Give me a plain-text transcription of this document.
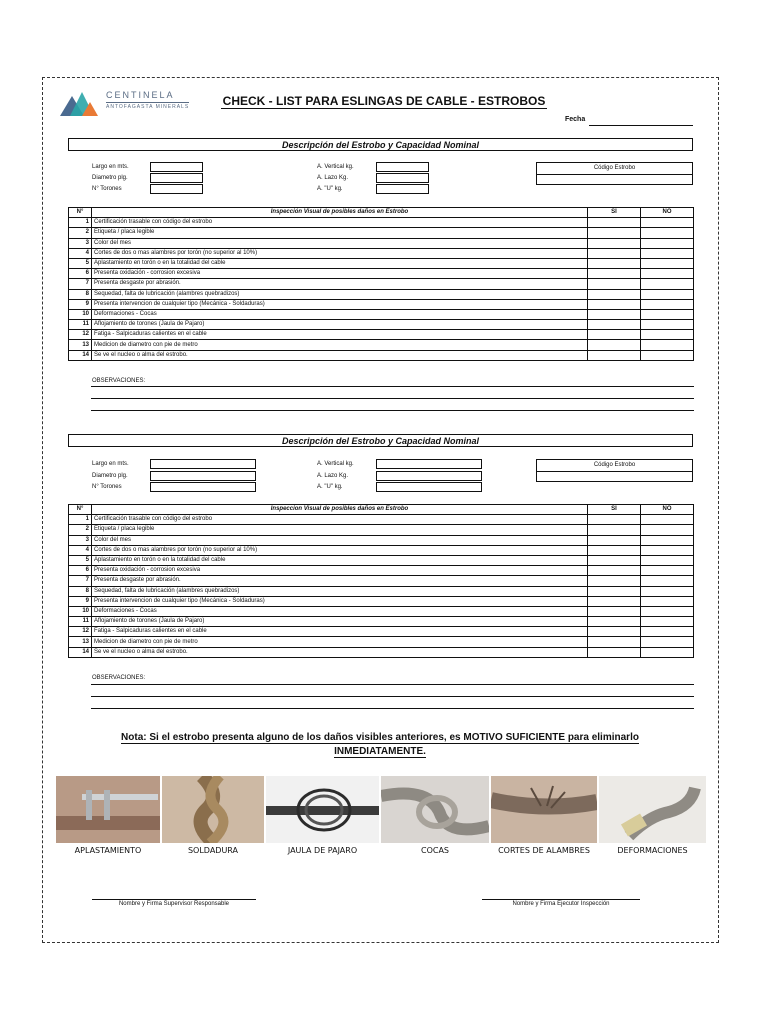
CENTINELA
ANTOFAGASTA MINERALS	CHECK - LIST PARA ESLINGAS DE CABLE - ESTROBOS
Fecha
Descripción del Estrobo y Capacidad Nominal
Largo en mts.
Diametro plg.
N° Torones
A. Vertical kg.
A. Lazo Kg.
A. "U" kg.
Código Estrobo
N°	Inspección Visual de posibles daños en Estrobo	SI	NO
1	Certificación trasable con código del estrobo		
2	Etiqueta / placa legible		
3	Color del mes		
4	Cortes de dos o mas alambres por torón (no superior al 10%)		
5	Aplastamiento en torón o en la totalidad del cable		
6	Presenta oxidación - corrosion excesiva		
7	Presenta desgaste por abrasión.		
8	Sequedad, falta de lubricación (alambres quebradizos)		
9	Presenta intervencion de cualquier tipo (Mecánica - Soldaduras)		
10	Deformaciones - Cocas		
11	Aflojamiento de torones (Jaula de Pajaro)		
12	Fatiga - Salpicaduras calientes en el cable		
13	Medicion de diametro con pie de metro		
14	Se ve el nucleo o alma del estrobo.		
OBSERVACIONES:
Descripción del Estrobo y Capacidad Nominal
Largo en mts.
Diametro plg.
N° Torones
A. Vertical kg.
A. Lazo Kg.
A. "U" kg.
Código Estrobo
N°	Inspeccion Visual de posibles daños en Estrobo	SI	NO
1	Certificación trasable con código del estrobo		
2	Etiqueta / placa legible		
3	Color del mes		
4	Cortes de dos o mas alambres por torón (no superior al 10%)		
5	Aplastamiento en torón o en la totalidad del cable		
6	Presenta oxidación - corrosion excesiva		
7	Presenta desgaste por abrasión.		
8	Sequedad, falta de lubricación (alambres quebradizos)		
9	Presenta intervencion de cualquier tipo (Mecánica - Soldaduras)		
10	Deformaciones - Cocas		
11	Aflojamiento de torones (Jaula de Pajaro)		
12	Fatiga - Salpicaduras calientes en el cable		
13	Medicion de diametro con pie de metro		
14	Se ve el nucleo o alma del estrobo.		
OBSERVACIONES:
Nota: Si el estrobo presenta alguno de los daños visibles anteriores, es MOTIVO SUFICIENTE para eliminarlo
INMEDIATAMENTE.
APLASTAMIENTO	SOLDADURA	JAULA DE PAJARO	COCAS	CORTES DE ALAMBRES	DEFORMACIONES
Nombre y Firma Supervisor Responsable	Nombre y Firma Ejecutor Inspección
